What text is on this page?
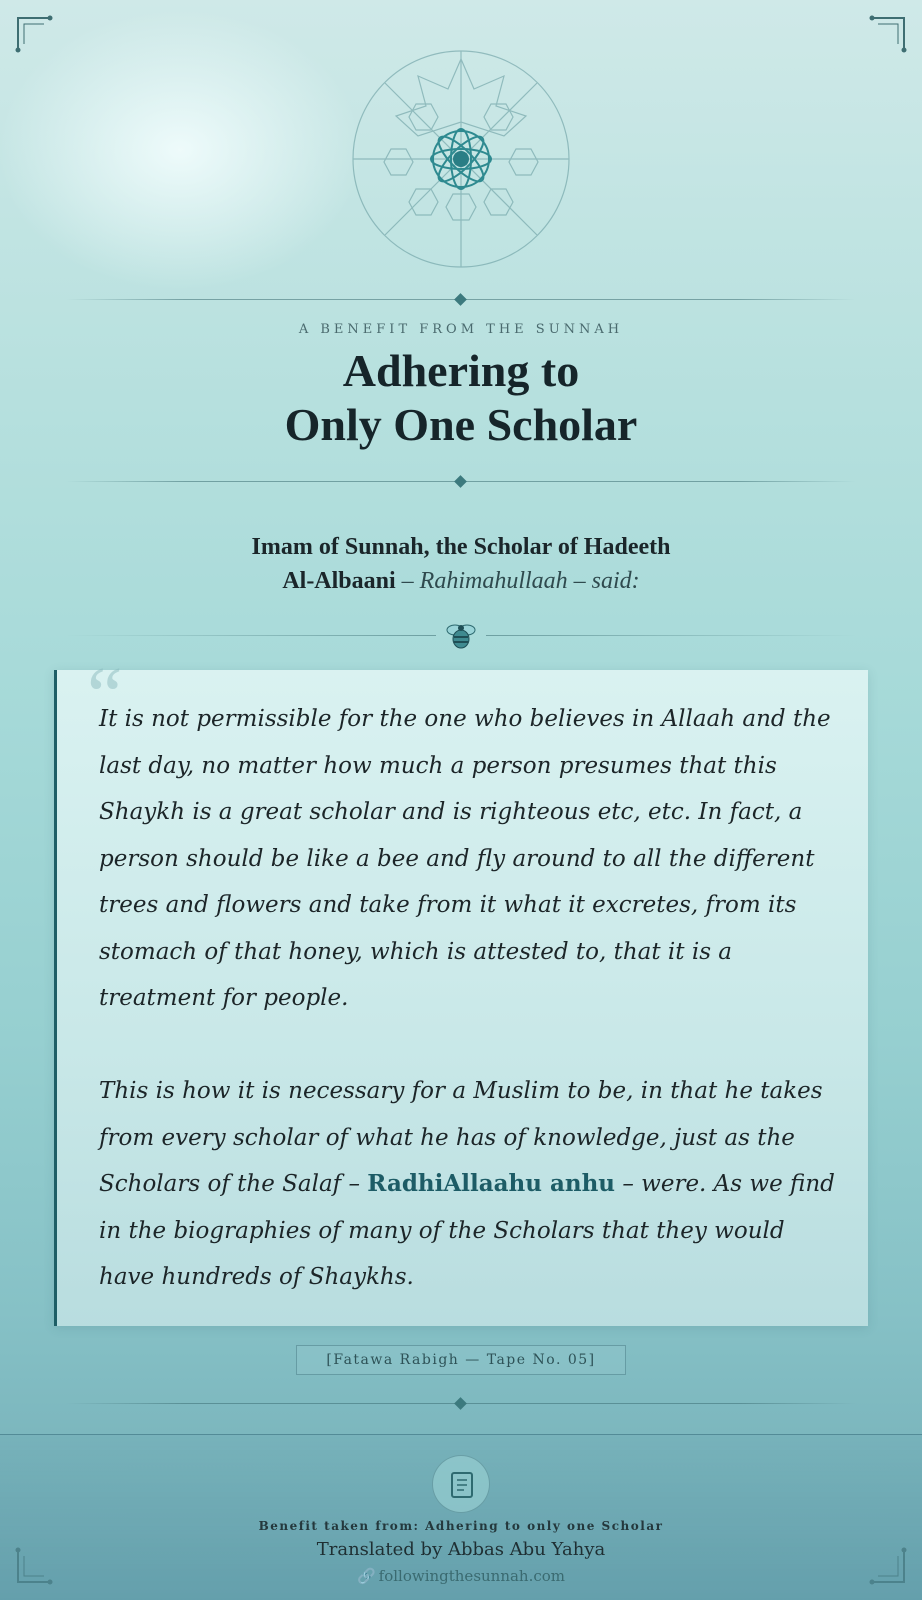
A BENEFIT FROM THE SUNNAH
Adhering to
Only One Scholar
Imam of Sunnah, the Scholar of Hadeeth
Al-Albaani – Rahimahullaah – said:
“

It is not permissible for the one who believes in Allaah and the last day, no matter how much a person presumes that this Shaykh is a great scholar and is righteous etc, etc. In fact, a person should be like a bee and fly around to all the different trees and flowers and take from it what it excretes, from its stomach of that honey, which is attested to, that it is a treatment for people.

This is how it is necessary for a Muslim to be, in that he takes from every scholar of what he has of knowledge, just as the Scholars of the Salaf – RadhiAllaahu anhu – were. As we find in the biographies of many of the Scholars that they would have hundreds of Shaykhs.

[Fatawa Rabigh — Tape No. 05]
Benefit taken from: Adhering to only one Scholar
Translated by Abbas Abu Yahya
🔗 followingthesunnah.com
